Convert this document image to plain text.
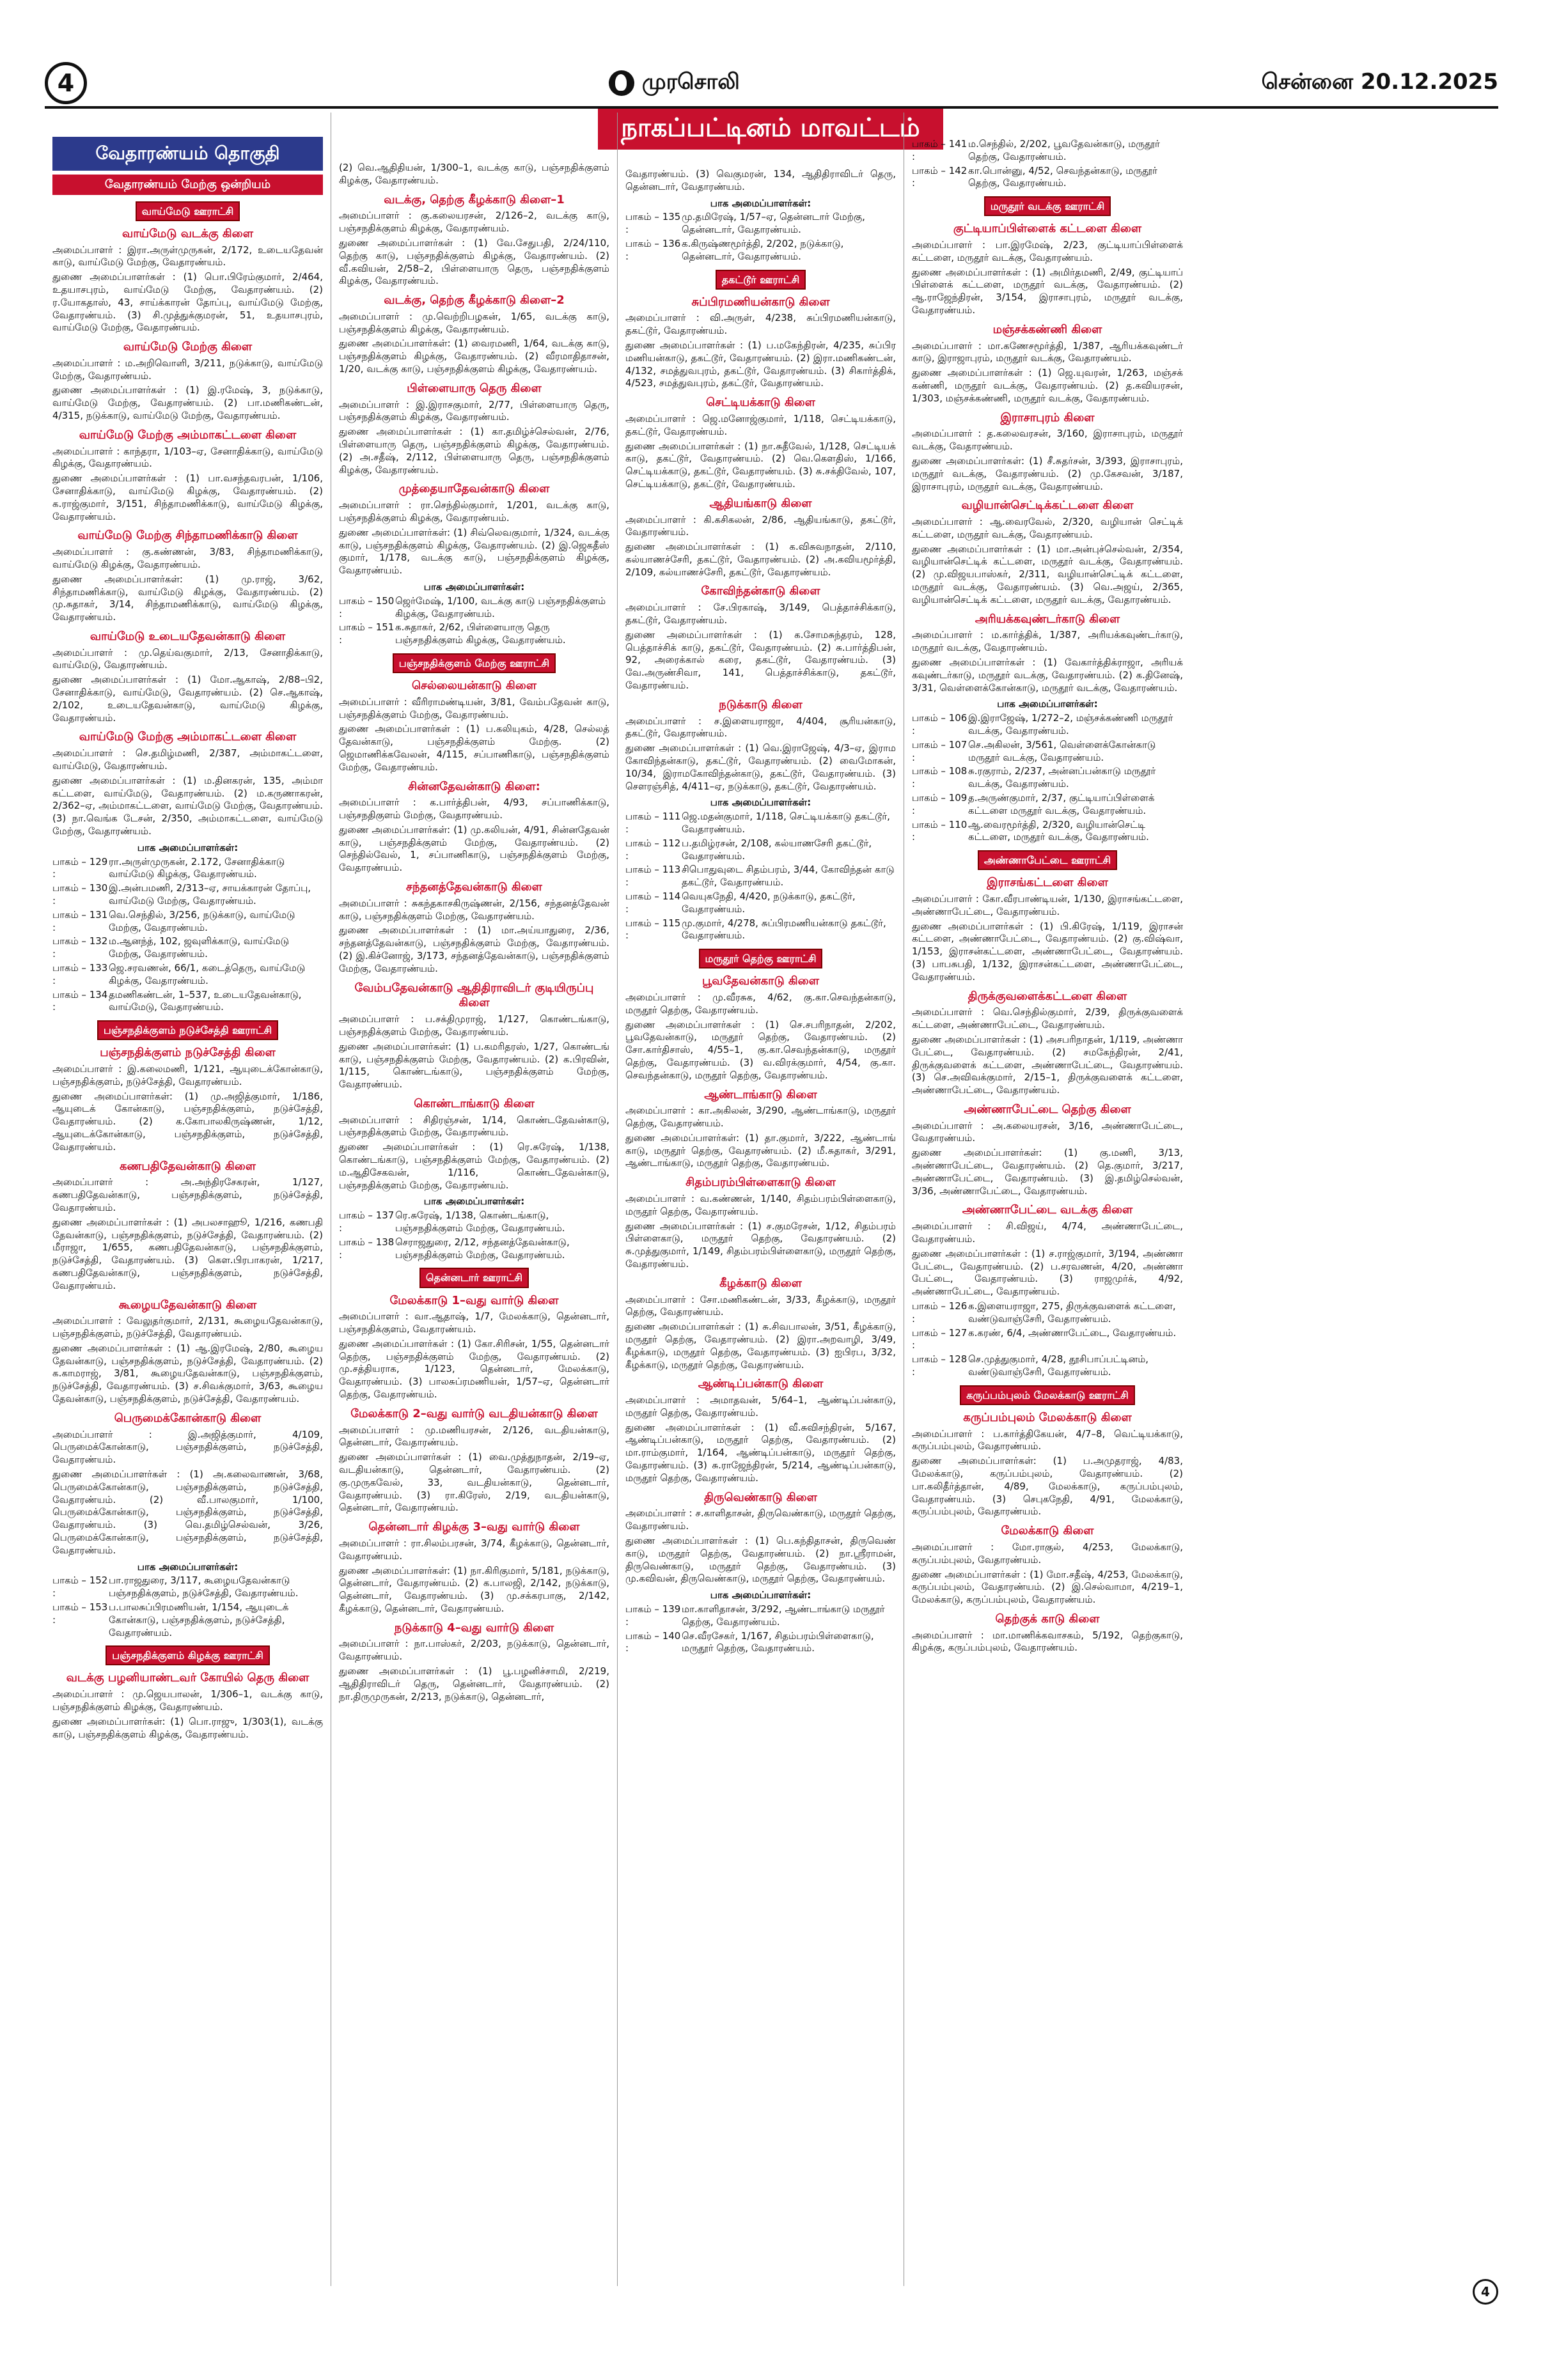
4	முரசொலி	சென்னை 20.12.2025
நாகப்பட்டினம் மாவட்டம்
வேதாரண்யம் தொகுதி
வேதாரண்யம் மேற்கு ஒன்றியம்
வாய்மேடு ஊராட்சி
வாய்மேடு வடக்கு கிளை

அமைப்பாளர் : இரா.அருள்முருகன், 2/172, உடையதேவன் காடு, வாய்மேடு மேற்கு, வேதாரண்யம்.

துணை அமைப்பாளர்கள் : (1) பொ.பிரேம்குமார், 2/464, உதயாசபுரம், வாய்மேடு மேற்கு, வேதாரண்யம். (2) ர.யோகதாஸ், 43, சாய்க்காரன் தோப்பு, வாய்மேடு மேற்கு, வேதாரண்யம். (3) சி.முத்துக்குமரன், 51, உதயாசபுரம், வாய்மேடு மேற்கு, வேதாரண்யம்.

வாய்மேடு மேற்கு கிளை

அமைப்பாளர் : ம.அறிவொளி, 3/211, நடுக்காடு, வாய்மேடு மேற்கு, வேதாரண்யம்.

துணை அமைப்பாளர்கள் : (1) இ.ரமேஷ், 3, நடுக்காடு, வாய்மேடு மேற்கு, வேதாரண்யம். (2) பா.மணிகண்டன், 4/315, நடுக்காடு, வாய்மேடு மேற்கு, வேதாரண்யம்.

வாய்மேடு மேற்கு அம்மாகட்டளை கிளை

அமைப்பாளர் : காந்தரா, 1/103–ஏ, சேனாதிக்காடு, வாய்மேடு கிழக்கு, வேதாரண்யம்.

துணை அமைப்பாளர்கள் : (1) பா.வசந்தவரபன், 1/106, சேனாதிக்காடு, வாய்மேடு கிழக்கு, வேதாரண்யம். (2) க.ராஜ்குமார், 3/151, சிந்தாமணிக்காடு, வாய்மேடு கிழக்கு, வேதாரண்யம்.

வாய்மேடு மேற்கு சிந்தாமணிக்காடு கிளை

அமைப்பாளர் : கு.கண்ணன், 3/83, சிந்தாமணிக்காடு, வாய்மேடு கிழக்கு, வேதாரண்யம்.

துணை அமைப்பாளர்கள்: (1) மு.ராஜ், 3/62, சிந்தாமணிக்காடு, வாய்மேடு கிழக்கு, வேதாரண்யம். (2) மு.சுதாகர், 3/14, சிந்தாமணிக்காடு, வாய்மேடு கிழக்கு, வேதாரண்யம்.

வாய்மேடு உடையதேவன்காடு கிளை

அமைப்பாளர் : மு.தெய்வகுமார், 2/13, சேனாதிக்காடு, வாய்மேடு, வேதாரண்யம்.

துணை அமைப்பாளர்கள் : (1) மோ.ஆகாஷ், 2/88–பி2, சேனாதிக்காடு, வாய்மேடு, வேதாரண்யம். (2) செ.ஆகாஷ், 2/102, உடையதேவன்காடு, வாய்மேடு கிழக்கு, வேதாரண்யம்.

வாய்மேடு மேற்கு அம்மாகட்டளை கிளை

அமைப்பாளர் : செ.தமிழ்மணி, 2/387, அம்மாகட்டளை, வாய்மேடு, வேதாரண்யம்.

துணை அமைப்பாளர்கள் : (1) ம.தினகரன், 135, அம்மா கட்டளை, வாய்மேடு, வேதாரண்யம். (2) ம.கருணாகரன், 2/362–ஏ, அம்மாகட்டளை, வாய்மேடு மேற்கு, வேதாரண்யம். (3) நா.வெங்க டேசன், 2/350, அம்மாகட்டளை, வாய்மேடு மேற்கு, வேதாரண்யம்.

பாக அமைப்பாளர்கள்:
பாகம் – 129 :
ரா.அருள்முருகன், 2.172, சேனாதிக்காடு வாய்மேடு கிழக்கு, வேதாரண்யம்.
பாகம் – 130 :
இ.அன்பமணி, 2/313–ஏ, சாயக்காரன் தோப்பு, வாய்மேடு மேற்கு, வேதாரண்யம்.
பாகம் – 131 :
வெ.செந்தில், 3/256, நடுக்காடு, வாய்மேடு மேற்கு, வேதாரண்யம்.
பாகம் – 132 :
ம.ஆனந்த், 102, ஜவுளிக்காடு, வாய்மேடு மேற்கு, வேதாரண்யம்.
பாகம் – 133 :
ஜெ.சரவணன், 66/1, கடைத்தெரு, வாய்மேடு கிழக்கு, வேதாரண்யம்.
பாகம் – 134 :
தமணிகண்டன், 1–537, உடையதேவன்காடு, வாய்மேடு, வேதாரண்யம்.
பஞ்சநதிக்குளம் நடுச்சேத்தி ஊராட்சி
பஞ்சநதிக்குளம் நடுச்சேத்தி கிளை

அமைப்பாளர் : இ.கலைமணி, 1/121, ஆயுடைக்கோன்காடு, பஞ்சநதிக்குளம், நடுச்சேத்தி, வேதாரண்யம்.

துணை அமைப்பாளர்கள்: (1) மு.அஜித்குமார், 1/186, ஆயுடைக் கோன்காடு, பஞ்சநதிக்குளம், நடுச்சேத்தி, வேதாரண்யம். (2) க.கோபாலகிருஷ்ணன், 1/12, ஆயுடைக்கோன்காடு, பஞ்சநதிக்குளம், நடுச்சேத்தி, வேதாரண்யம்.

கணபதிதேவன்காடு கிளை

அமைப்பாளர் : அ.அந்திரசேகரன், 1/127, கணபதிதேவன்காடு, பஞ்சநதிக்குளம், நடுச்சேத்தி, வேதாரண்யம்.

துணை அமைப்பாளர்கள் : (1) அபலசாஹூ, 1/216, கணபதி தேவன்காடு, பஞ்சநதிக்குளம், நடுச்சேத்தி, வேதாரண்யம். (2) மீராஜா, 1/655, கணபதிதேவன்காடு, பஞ்சநதிக்குளம், நடுச்சேத்தி, வேதாரண்யம். (3) கௌ.பிரபாகரன், 1/217, கணபதிதேவன்காடு, பஞ்சநதிக்குளம், நடுச்சேத்தி, வேதாரண்யம்.

கூழையதேவன்காடு கிளை

அமைப்பாளர் : வேலுதர்குமார், 2/131, கூழையதேவன்காடு, பஞ்சநதிக்குளம், நடுச்சேத்தி, வேதாரண்யம்.

துணை அமைப்பாளர்கள் : (1) ஆ.இரமேஷ், 2/80, கூழைய தேவன்காடு, பஞ்சநதிக்குளம், நடுச்சேத்தி, வேதாரண்யம். (2) க.காமராஜ், 3/81, கூழையதேவன்காடு, பஞ்சநதிக்குளம், நடுச்சேத்தி, வேதாரண்யம். (3) ச.சிவக்குமார், 3/63, கூழைய தேவன்காடு, பஞ்சநதிக்குளம், நடுச்சேத்தி, வேதாரண்யம்.

பெருமைக்கோன்காடு கிளை

அமைப்பாளர் : இ.அஜித்குமார், 4/109, பெருமைக்கோன்காடு, பஞ்சநதிக்குளம், நடுச்சேத்தி, வேதாரண்யம்.

துணை அமைப்பாளர்கள் : (1) அ.கலைவாணன், 3/68, பெருமைக்கோன்காடு, பஞ்சநதிக்குளம், நடுச்சேத்தி, வேதாரண்யம். (2) வீ.பாலகுமார், 1/100, பெருமைக்கோன்காடு, பஞ்சநதிக்குளம், நடுச்சேத்தி, வேதாரண்யம். (3) வெ.தமிழ்செல்வன், 3/26, பெருமைக்கோன்காடு, பஞ்சநதிக்குளம், நடுச்சேத்தி, வேதாரண்யம்.

பாக அமைப்பாளர்கள்:
பாகம் – 152 :
பா.ராஜதுரை, 3/117, கூழையதேவன்காடு பஞ்சநதிக்குளம், நடுச்சேத்தி, வேதாரண்யம்.
பாகம் – 153 :
ப.பாலசுப்பிரமணியன், 1/154, ஆயுடைக் கோன்காடு, பஞ்சநதிக்குளம், நடுச்சேத்தி, வேதாரண்யம்.
பஞ்சநதிக்குளம் கிழக்கு ஊராட்சி
வடக்கு பழனியாண்டவர் கோயில் தெரு கிளை

அமைப்பாளர் : மு.ஜெயபாலன், 1/306–1, வடக்கு காடு, பஞ்சநதிக்குளம் கிழக்கு, வேதாரண்யம்.

துணை அமைப்பாளர்கள்: (1) பொ.ராஜு, 1/303(1), வடக்கு காடு, பஞ்சநதிக்குளம் கிழக்கு, வேதாரண்யம்.

(2) வெ.ஆதிதியன், 1/300–1, வடக்கு காடு, பஞ்சநதிக்குளம் கிழக்கு, வேதாரண்யம்.

வடக்கு, தெற்கு கீழக்காடு கிளை–1

அமைப்பாளர் : கு.கலையரசன், 2/126–2, வடக்கு காடு, பஞ்சநதிக்குளம் கிழக்கு, வேதாரண்யம்.

துணை அமைப்பாளர்கள் : (1) வே.சேதுபதி, 2/24/110, தெற்கு காடு, பஞ்சநதிக்குளம் கிழக்கு, வேதாரண்யம். (2) வீ.கவியன், 2/58–2, பிள்ளையாரு தெரு, பஞ்சநதிக்குளம் கிழக்கு, வேதாரண்யம்.

வடக்கு, தெற்கு கீழக்காடு கிளை–2

அமைப்பாளர் : மு.வெற்றிபழகன், 1/65, வடக்கு காடு, பஞ்சநதிக்குளம் கிழக்கு, வேதாரண்யம்.

துணை அமைப்பாளர்கள்: (1) வைரமணி, 1/64, வடக்கு காடு, பஞ்சநதிக்குளம் கிழக்கு, வேதாரண்யம். (2) வீரமாதிதாசன், 1/20, வடக்கு காடு, பஞ்சநதிக்குளம் கிழக்கு, வேதாரண்யம்.

பிள்ளையாரு தெரு கிளை

அமைப்பாளர் : இ.இராசகுமார், 2/77, பிள்ளையாரு தெரு, பஞ்சநதிக்குளம் கிழக்கு, வேதாரண்யம்.

துணை அமைப்பாளர்கள் : (1) கா.தமிழ்ச்செல்வன், 2/76, பிள்ளையாரு தெரு, பஞ்சநதிக்குளம் கிழக்கு, வேதாரண்யம். (2) அ.சதீஷ், 2/112, பிள்ளையாரு தெரு, பஞ்சநதிக்குளம் கிழக்கு, வேதாரண்யம்.

முத்தையாதேவன்காடு கிளை

அமைப்பாளர் : ரா.செந்தில்குமார், 1/201, வடக்கு காடு, பஞ்சநதிக்குளம் கிழக்கு, வேதாரண்யம்.

துணை அமைப்பாளர்கள்: (1) சிவ்லெவகுமார், 1/324, வடக்கு காடு, பஞ்சநதிக்குளம் கிழக்கு, வேதாரண்யம். (2) இ.ஜெகதீஸ் குமார், 1/178, வடக்கு காடு, பஞ்சநதிக்குளம் கிழக்கு, வேதாரண்யம்.

பாக அமைப்பாளர்கள்:
பாகம் – 150 :
ஜெர்மேஷ், 1/100, வடக்கு காடு பஞ்சநதிக்குளம் கிழக்கு, வேதாரண்யம்.
பாகம் – 151 :
க.சுதாகர், 2/62, பிள்ளையாரு தெரு பஞ்சநதிக்குளம் கிழக்கு, வேதாரண்யம்.
பஞ்சநதிக்குளம் மேற்கு ஊராட்சி
செல்லையன்காடு கிளை

அமைப்பாளர் : வீரிராமண்டியன், 3/81, வேம்பதேவன் காடு, பஞ்சநதிக்குளம் மேற்கு, வேதாரண்யம்.

துணை அமைப்பாளர்கள் : (1) ப.கலியுகம், 4/28, செல்லத் தேவன்காடு, பஞ்சநதிக்குளம் மேற்கு. (2) ஜெமாணிக்கவேலன், 4/115, சப்பாணிகாடு, பஞ்சநதிக்குளம் மேற்கு, வேதாரண்யம்.

சின்னதேவன்காடு கிளை:

அமைப்பாளர் : க.பார்த்திபன், 4/93, சப்பாணிக்காடு, பஞ்சநதிகுளம் மேற்கு, வேதாரண்யம்.

துணை அமைப்பாளர்கள்: (1) மு.கலியன், 4/91, சின்னதேவன் காடு, பஞ்சநதிக்குளம் மேற்கு, வேதாரண்யம். (2) செந்தில்வேல், 1, சப்பாணிகாடு, பஞ்சநதிக்குளம் மேற்கு, வேதாரண்யம்.

சந்தனத்தேவன்காடு கிளை

அமைப்பாளர் : சுகந்தகாசகிருஷ்ணன், 2/156, சந்தனத்தேவன் காடு, பஞ்சநதிக்குளம் மேற்கு, வேதாரண்யம்.

துணை அமைப்பாளர்கள் : (1) மா.அய்யாதுரை, 2/36, சந்தனத்தேவன்காடு, பஞ்சநதிக்குளம் மேற்கு, வேதாரண்யம். (2) இ.கிச்னோஜ், 3/173, சந்தனத்தேவன்காடு, பஞ்சநதிக்குளம் மேற்கு, வேதாரண்யம்.

வேம்பதேவன்காடு ஆதிதிராவிடர் குடியிருப்பு கிளை

அமைப்பாளர் : ப.சக்திமுராஜ், 1/127, கொண்டங்காடு, பஞ்சநதிக்குளம் மேற்கு, வேதாரண்யம்.

துணை அமைப்பாளர்கள்: (1) ப.கமரிதரஸ், 1/27, கொண்டங் காடு, பஞ்சநதிக்குளம் மேற்கு, வேதாரண்யம். (2) க.பிரவின், 1/115, கொண்டங்காடு, பஞ்சநதிக்குளம் மேற்கு, வேதாரண்யம்.

கொண்டாங்காடு கிளை

அமைப்பாளர் : சிதிரஞ்சன், 1/14, கொண்டதேவன்காடு, பஞ்சநதிக்குளம் மேற்கு, வேதாரண்யம்.

துணை அமைப்பாளர்கள் : (1) ரெ.சுரேஷ், 1/138, கொண்டங்காடு, பஞ்சநதிக்குளம் மேற்கு, வேதாரண்யம். (2) ம.ஆதிசேகவன், 1/116, கொண்டதேவன்காடு, பஞ்சநதிக்குளம் மேற்கு, வேதாரண்யம்.

பாக அமைப்பாளர்கள்:
பாகம் – 137 :
ரெ.சுரேஷ், 1/138, கொண்டங்காடு, பஞ்சநதிக்குளம் மேற்கு, வேதாரண்யம்.
பாகம் – 138 :
செராஜதுரை, 2/12, சந்தனத்தேவன்காடு, பஞ்சநதிக்குளம் மேற்கு, வேதாரண்யம்.
தென்னடார் ஊராட்சி
மேலக்காடு 1–வது வார்டு கிளை

அமைப்பாளர் : வா.ஆதாஷ், 1/7, மேலக்காடு, தென்னடார், பஞ்சநதிக்குளம், வேதாரண்யம்.

துணை அமைப்பாளர்கள் : (1) கோ.சிரிசன், 1/55, தென்னடார் தெற்கு, பஞ்சநதிக்குளம் மேற்கு, வேதாரண்யம். (2) மு.சத்தியராக, 1/123, தென்னடார், மேலக்காடு, வேதாரண்யம். (3) பாலசுப்ரமணியன், 1/57–ஏ, தென்னடார் தெற்கு, வேதாரண்யம்.

மேலக்காடு 2–வது வார்டு வடதியன்காடு கிளை

அமைப்பாளர் : மு.மணியரசன், 2/126, வடதியன்காடு, தென்னடார், வேதாரண்யம்.

துணை அமைப்பாளர்கள் : (1) வை.முத்துநாதன், 2/19–ஏ, வடதியன்காடு, தென்னடார், வேதாரண்யம். (2) கு.முருகவேல், 33, வடதியன்காடு, தென்னடார், வேதாரண்யம். (3) ரா.கிரேஸ், 2/19, வடதியன்காடு, தென்னடார், வேதாரண்யம்.

தென்னடார் கிழக்கு 3–வது வார்டு கிளை

அமைப்பாளர் : ரா.சிலம்பரசன், 3/74, கீழக்காடு, தென்னடார், வேதாரண்யம்.

துணை அமைப்பாளர்கள்: (1) நா.கிரிகுமார், 5/181, நடுக்காடு, தென்னடார், வேதாரண்யம். (2) க.பாலஜி, 2/142, நடுக்காடு, தென்னடார், வேதாரண்யம். (3) மு.சக்கரபாகு, 2/142, கீழக்காடு, தென்னடார், வேதாரண்யம்.

நடுக்காடு 4–வது வார்டு கிளை

அமைப்பாளர் : நா.பாஸ்கர், 2/203, நடுக்காடு, தென்னடார், வேதாரண்யம்.

துணை அமைப்பாளர்கள் : (1) பூ.பழனிச்சாமி, 2/219, ஆதிதிராவிடர் தெரு, தென்னடார், வேதாரண்யம். (2) நா.திருமுருகன், 2/213, நடுக்காடு, தென்னடார்,

வேதாரண்யம். (3) வெகுமரன், 134, ஆதிதிராவிடர் தெரு, தென்னடார், வேதாரண்யம்.

பாக அமைப்பாளர்கள்:
பாகம் – 135 :
மு.தமிரேஷ், 1/57–ஏ, தென்னடார் மேற்கு, தென்னடார், வேதாரண்யம்.
பாகம் – 136 :
க.கிருஷ்ணமூர்த்தி, 2/202, நடுக்காடு, தென்னடார், வேதாரண்யம்.
தகட்டூர் ஊராட்சி
சுப்பிரமணியன்காடு கிளை

அமைப்பாளர் : வி.அருள், 4/238, சுப்பிரமணியன்காடு, தகட்டூர், வேதாரண்யம்.

துணை அமைப்பாளர்கள் : (1) ப.மகேந்திரன், 4/235, சுப்பிர மணியன்காடு, தகட்டூர், வேதாரண்யம். (2) இரா.மணிகண்டன், 4/132, சமத்துவபுரம், தகட்டூர், வேதாரண்யம். (3) சிகார்த்திக், 4/523, சமத்துவபுரம், தகட்டூர், வேதாரண்யம்.

செட்டியக்காடு கிளை

அமைப்பாளர் : ஜெ.மனோஜ்குமார், 1/118, செட்டியக்காடு, தகட்டூர், வேதாரண்யம்.

துணை அமைப்பாளர்கள் : (1) நா.சுதீவேல், 1/128, செட்டியக் காடு, தகட்டூர், வேதாரண்யம். (2) வெ.கௌதிஸ், 1/166, செட்டியக்காடு, தகட்டூர், வேதாரண்யம். (3) சு.சக்திவேல், 107, செட்டியக்காடு, தகட்டூர், வேதாரண்யம்.

ஆதியங்காடு கிளை

அமைப்பாளர் : கி.கசிகலன், 2/86, ஆதியங்காடு, தகட்டூர், வேதாரண்யம்.

துணை அமைப்பாளர்கள் : (1) க.விசுவநாதன், 2/110, கல்யாணச்சேரி, தகட்டூர், வேதாரண்யம். (2) அ.கவியமூர்த்தி, 2/109, கல்யாணச்சேரி, தகட்டூர், வேதாரண்யம்.

கோவிந்தன்காடு கிளை

அமைப்பாளர் : சே.பிரகாஷ், 3/149, பெத்தாச்சிக்காடு, தகட்டூர், வேதாரண்யம்.

துணை அமைப்பாளர்கள் : (1) க.சோமசுந்தரம், 128, பெத்தாச்சிக் காடு, தகட்டூர், வேதாரண்யம். (2) சு.பார்த்திபன், 92, அரைக்கால் கரை, தகட்டூர், வேதாரண்யம். (3) வே.அருண்சிவா, 141, பெத்தாச்சிக்காடு, தகட்டூர், வேதாரண்யம்.

நடுக்காடு கிளை

அமைப்பாளர் : ச.இளையராஜா, 4/404, சூரியன்காடு, தகட்டூர், வேதாரண்யம்.

துணை அமைப்பாளர்கள் : (1) வெ.இராஜேஷ், 4/3–ஏ, இராம கோவிந்தன்காடு, தகட்டூர், வேதாரண்யம். (2) வைமோகன், 10/34, இராமகோவிந்தன்காடு, தகட்டூர், வேதாரண்யம். (3) சௌரஞ்சித், 4/411–ஏ, நடுக்காடு, தகட்டூர், வேதாரண்யம்.

பாக அமைப்பாளர்கள்:
பாகம் – 111 :
ஜெ.மதன்குமார், 1/118, செட்டியக்காடு தகட்டூர், வேதாரண்யம்.
பாகம் – 112 :
ப.தமிழ்ரசன், 2/108, கல்யாணசேரி தகட்டூர், வேதாரண்யம்.
பாகம் – 113 :
சிபொதுவுடை சிதம்பரம், 3/44, கோவிந்தன் காடு தகட்டூர், வேதாரண்யம்.
பாகம் – 114 :
வெயுகநேதி, 4/420, நடுக்காடு, தகட்டூர், வேதாரண்யம்.
பாகம் – 115 :
மு.குமார், 4/278, சுப்பிரமணியன்காடு தகட்டூர், வேதாரண்யம்.
மருதூர் தெற்கு ஊராட்சி
பூவதேவன்காடு கிளை

அமைப்பாளர் : மு.வீரசுக, 4/62, கு.கா.செவந்தன்காடு, மருதூர் தெற்கு, வேதாரண்யம்.

துணை அமைப்பாளர்கள் : (1) செ.சபரிநாதன், 2/202, பூவதேவன்காடு, மருதூர் தெற்கு, வேதாரண்யம். (2) சோ.கார்திசாஸ், 4/55–1, கு.கா.செவந்தன்காடு, மருதூர் தெற்கு, வேதாரண்யம். (3) வ.விரக்குமார், 4/54, கு.கா. செவந்தன்காடு, மருதூர் தெற்கு, வேதாரண்யம்.

ஆண்டாங்காடு கிளை

அமைப்பாளர் : கா.அகிலன், 3/290, ஆண்டாங்காடு, மருதூர் தெற்கு, வேதாரண்யம்.

துணை அமைப்பாளர்கள்: (1) தா.குமார், 3/222, ஆண்டாங் காடு, மருதூர் தெற்கு, வேதாரண்யம். (2) மீ.சுதாகர், 3/291, ஆண்டாங்காடு, மருதூர் தெற்கு, வேதாரண்யம்.

சிதம்பரம்பிள்ளைகாடு கிளை

அமைப்பாளர் : வ.கண்ணன், 1/140, சிதம்பரம்பிள்ளைகாடு, மருதூர் தெற்கு, வேதாரண்யம்.

துணை அமைப்பாளர்கள் : (1) ச.குமரேசன், 1/12, சிதம்பரம் பிள்ளைகாடு, மருதூர் தெற்கு, வேதாரண்யம். (2) சு.முத்துகுமார், 1/149, சிதம்பரம்பிள்ளைகாடு, மருதூர் தெற்கு, வேதாரண்யம்.

கீழக்காடு கிளை

அமைப்பாளர் : சோ.மணிகண்டன், 3/33, கீழக்காடு, மருதூர் தெற்கு, வேதாரண்யம்.

துணை அமைப்பாளர்கள் : (1) சு.சிவபாலன், 3/51, கீழக்காடு, மருதூர் தெற்கு, வேதாரண்யம். (2) இரா.அறவாழி, 3/49, கீழக்காடு, மருதூர் தெற்கு, வேதாரண்யம். (3) ஐபிரப, 3/32, கீழக்காடு, மருதூர் தெற்கு, வேதாரண்யம்.

ஆண்டிப்பன்காடு கிளை

அமைப்பாளர் : அமாதவன், 5/64–1, ஆண்டிப்பன்காடு, மருதூர் தெற்கு, வேதாரண்யம்.

துணை அமைப்பாளர்கள் : (1) வீ.சுவிசந்திரன், 5/167, ஆண்டிப்பன்காடு, மருதூர் தெற்கு, வேதாரண்யம். (2) மா.ராம்குமார், 1/164, ஆண்டிப்பன்காடு, மருதூர் தெற்கு, வேதாரண்யம். (3) சு.ராஜேந்திரன், 5/214, ஆண்டிப்பன்காடு, மருதூர் தெற்கு, வேதாரண்யம்.

திருவெண்காடு கிளை

அமைப்பாளர் : ச.காளிதாசன், திருவெண்காடு, மருதூர் தெற்கு, வேதாரண்யம்.

துணை அமைப்பாளர்கள் : (1) பெ.கந்திதாசன், திருவெண் காடு, மருதூர் தெற்கு, வேதாரண்யம். (2) நா.ஸ்ரீராமன், திருவெண்காடு, மருதூர் தெற்கு, வேதாரண்யம். (3) மு.கவிவன், திருவெண்காடு, மருதூர் தெற்கு, வேதாரண்யம்.

பாக அமைப்பாளர்கள்:
பாகம் – 139 :
மா.காளிதாசன், 3/292, ஆண்டாங்காடு மருதூர் தெற்கு, வேதாரண்யம்.
பாகம் – 140 :
செ.வீரசேகர், 1/167, சிதம்பரம்பிள்ளைகாடு, மருதூர் தெற்கு, வேதாரண்யம்.
பாகம் – 141 :
ம.செந்தில், 2/202, பூவதேவன்காடு, மருதூர் தெற்கு, வேதாரண்யம்.
பாகம் – 142 :
கா.பொன்னு, 4/52, செவந்தன்காடு, மருதூர் தெற்கு, வேதாரண்யம்.
மருதூர் வடக்கு ஊராட்சி
குட்டியாப்பிள்ளைக் கட்டளை கிளை

அமைப்பாளர் : பா.இரமேஷ், 2/23, குட்டியாப்பிள்ளைக் கட்டளை, மருதூர் வடக்கு, வேதாரண்யம்.

துணை அமைப்பாளர்கள் : (1) அமிர்தமணி, 2/49, குட்டியாப் பிள்ளைக் கட்டளை, மருதூர் வடக்கு, வேதாரண்யம். (2) ஆ.ராஜேந்திரன், 3/154, இராசாபுரம், மருதூர் வடக்கு, வேதாரண்யம்.

மஞ்சக்கண்ணி கிளை

அமைப்பாளர் : மா.கணேசமூர்த்தி, 1/387, ஆரியக்கவுண்டர் காடு, இராஜாபுரம், மருதூர் வடக்கு, வேதாரண்யம்.

துணை அமைப்பாளர்கள் : (1) ஜெ.யுவரன், 1/263, மஞ்சக் கண்ணி, மருதூர் வடக்கு, வேதாரண்யம். (2) த.கவியரசன், 1/303, மஞ்சக்கண்ணி, மருதூர் வடக்கு, வேதாரண்யம்.

இராசாபுரம் கிளை

அமைப்பாளர் : த.கலைவரசன், 3/160, இராசாபுரம், மருதூர் வடக்கு, வேதாரண்யம்.

துணை அமைப்பாளர்கள்: (1) சீ.சுதர்சன், 3/393, இராசாபுரம், மருதூர் வடக்கு, வேதாரண்யம். (2) மு.கேசவன், 3/187, இராசாபுரம், மருதூர் வடக்கு, வேதாரண்யம்.

வழியான்செட்டிக்கட்டளை கிளை

அமைப்பாளர் : ஆ.வைரவேல், 2/320, வழியான் செட்டிக் கட்டளை, மருதூர் வடக்கு, வேதாரண்யம்.

துணை அமைப்பாளர்கள் : (1) மா.அன்புச்செல்வன், 2/354, வழியான்செட்டிக் கட்டளை, மருதூர் வடக்கு, வேதாரண்யம். (2) மு.விஜயபாஸ்கர், 2/311, வழியான்செட்டிக் கட்டளை, மருதூர் வடக்கு, வேதாரண்யம். (3) வெ.அஜய், 2/365, வழியான்செட்டிக் கட்டளை, மருதூர் வடக்கு, வேதாரண்யம்.

அரியக்கவுண்டர்காடு கிளை

அமைப்பாளர் : ம.கார்த்திக், 1/387, அரியக்கவுண்டர்காடு, மருதூர் வடக்கு, வேதாரண்யம்.

துணை அமைப்பாளர்கள் : (1) வேகார்த்திக்ராஜா, அரியக் கவுண்டர்காடு, மருதூர் வடக்கு, வேதாரண்யம். (2) க.தினேஷ், 3/31, வெள்ளைக்கோன்காடு, மருதூர் வடக்கு, வேதாரண்யம்.

பாக அமைப்பாளர்கள்:
பாகம் – 106 :
இ.இராஜேஷ், 1/272–2, மஞ்சக்கண்ணி மருதூர் வடக்கு, வேதாரண்யம்.
பாகம் – 107 :
செ.அகிலன், 3/561, வெள்ளைக்கோன்காடு மருதூர் வடக்கு, வேதாரண்யம்.
பாகம் – 108 :
சு.ரகுராம், 2/237, அன்னப்பன்காடு மருதூர் வடக்கு, வேதாரண்யம்.
பாகம் – 109 :
த.அருண்குமார், 2/37, குட்டியாப்பிள்ளைக் கட்டளை மருதூர் வடக்கு, வேதாரண்யம்.
பாகம் – 110 :
ஆ.வைரமூர்த்தி, 2/320, வழியான்செட்டி கட்டளை, மருதூர் வடக்கு, வேதாரண்யம்.
அண்ணாபேட்டை ஊராட்சி
இராசங்கட்டளை கிளை

அமைப்பாளர் : கோ.வீரபாண்டியன், 1/130, இராசங்கட்டளை, அண்ணாபேட்டை, வேதாரண்யம்.

துணை அமைப்பாளர்கள் : (1) பி.கிரேஷ், 1/119, இராசன் கட்டளை, அண்ணாபேட்டை, வேதாரண்யம். (2) கு.விஷ்வா, 1/153, இராசன்கட்டளை, அண்ணாபேட்டை, வேதாரண்யம். (3) பாபசுபதி, 1/132, இராசன்கட்டளை, அண்ணாபேட்டை, வேதாரண்யம்.

திருக்குவளைக்கட்டளை கிளை

அமைப்பாளர் : வெ.செந்தில்குமார், 2/39, திருக்குவளைக் கட்டளை, அண்ணாபேட்டை, வேதாரண்யம்.

துணை அமைப்பாளர்கள் : (1) அசபரிநாதன், 1/119, அண்ணா பேட்டை, வேதாரண்யம். (2) சமகேந்திரன், 2/41, திருக்குவளைக் கட்டளை, அண்ணாபேட்டை, வேதாரண்யம். (3) செ.அவிவக்குமார், 2/15–1, திருக்குவளைக் கட்டளை, அண்ணாபேட்டை, வேதாரண்யம்.

அண்ணாபேட்டை தெற்கு கிளை

அமைப்பாளர் : அ.கலையரசன், 3/16, அண்ணாபேட்டை, வேதாரண்யம்.

துணை அமைப்பாளர்கள்: (1) கு.மணி, 3/13, அண்ணாபேட்டை, வேதாரண்யம். (2) தெ.குமார், 3/217, அண்ணாபேட்டை, வேதாரண்யம். (3) இ.தமிழ்செல்வன், 3/36, அண்ணாபேட்டை, வேதாரண்யம்.

அண்ணாபேட்டை வடக்கு கிளை

அமைப்பாளர் : சி.விஜய், 4/74, அண்ணாபேட்டை, வேதாரண்யம்.

துணை அமைப்பாளர்கள் : (1) ச.ராஜ்குமார், 3/194, அண்ணா பேட்டை, வேதாரண்யம். (2) ப.சரவணன், 4/20, அண்ணா பேட்டை, வேதாரண்யம். (3) ராஜமுர்க், 4/92, அண்ணாபேட்டை, வேதாரண்யம்.

பாகம் – 126 :
க.இளையராஜா, 275, திருக்குவளைக் கட்டளை, வண்டுவாஞ்சேரி, வேதாரண்யம்.
பாகம் – 127 :
க.கரண், 6/4, அண்ணாபேட்டை, வேதாரண்யம்.
பாகம் – 128 :
செ.முத்துகுமார், 4/28, தூசிபாப்பட்டினம், வண்டுவாஞ்சேரி, வேதாரண்யம்.
கருப்பம்புலம் மேலக்காடு ஊராட்சி
கருப்பம்புலம் மேலக்காடு கிளை

அமைப்பாளர் : ப.கார்த்திகேயன், 4/7–8, வெட்டியக்காடு, கருப்பம்புலம், வேதாரண்யம்.

துணை அமைப்பாளர்கள்: (1) ப.அமுதராஜ், 4/83, மேலக்காடு, கருப்பம்புலம், வேதாரண்யம். (2) பா.கலிதீர்த்தான், 4/89, மேலக்காடு, கருப்பம்புலம், வேதாரண்யம். (3) செபுகநேதி, 4/91, மேலக்காடு, கருப்பம்புலம், வேதாரண்யம்.

மேலக்காடு கிளை

அமைப்பாளர் : மோ.ராகுல், 4/253, மேலக்காடு, கருப்பம்புலம், வேதாரண்யம்.

துணை அமைப்பாளர்கள் : (1) மோ.சதீஷ், 4/253, மேலக்காடு, கருப்பம்புலம், வேதாரண்யம். (2) இ.செல்வாமா, 4/219–1, மேலக்காடு, கருப்பம்புலம், வேதாரண்யம்.

தெற்குக் காடு கிளை

அமைப்பாளர் : மா.மாணிக்கவாசகம், 5/192, தெற்குகாடு, கிழக்கு, கருப்பம்புலம், வேதாரண்யம்.

4
